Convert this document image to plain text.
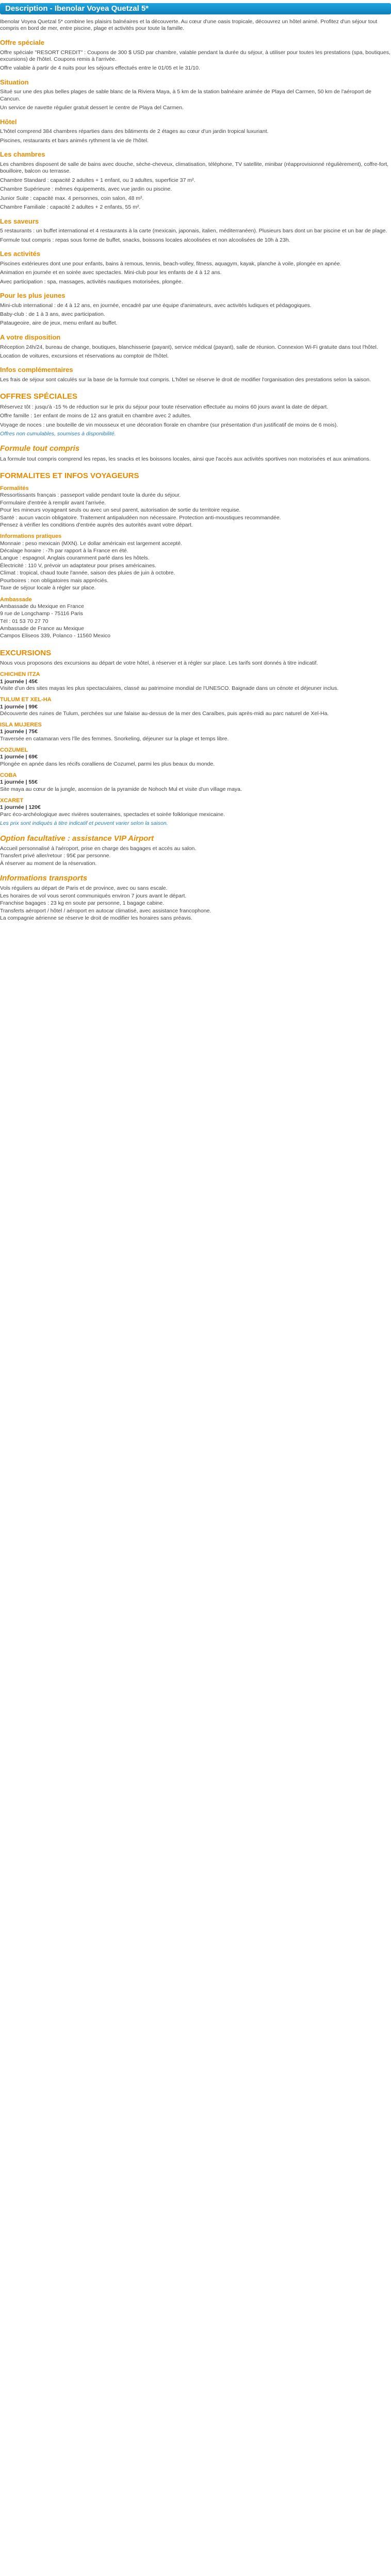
Description - Ibenolar Voyea Quetzal 5*

Ibenolar Voyea Quetzal 5* combine les plaisirs balnéaires et la découverte. Au cœur d'une oasis tropicale, découvrez un hôtel animé. Profitez d'un séjour tout compris en bord de mer, entre piscine, plage et activités pour toute la famille.

Offre spéciale

Offre spéciale "RESORT CREDIT" : Coupons de 300 $ USD par chambre, valable pendant la durée du séjour, à utiliser pour toutes les prestations (spa, boutiques, excursions) de l'hôtel. Coupons remis à l'arrivée.

Offre valable à partir de 4 nuits pour les séjours effectués entre le 01/05 et le 31/10.

Situation

Situé sur une des plus belles plages de sable blanc de la Riviera Maya, à 5 km de la station balnéaire animée de Playa del Carmen, 50 km de l'aéroport de Cancun.

Un service de navette régulier gratuit dessert le centre de Playa del Carmen.

Hôtel

L'hôtel comprend 384 chambres réparties dans des bâtiments de 2 étages au cœur d'un jardin tropical luxuriant.

Piscines, restaurants et bars animés rythment la vie de l'hôtel.

Les chambres

Les chambres disposent de salle de bains avec douche, sèche-cheveux, climatisation, téléphone, TV satellite, minibar (réapprovisionné régulièrement), coffre-fort, bouilloire, balcon ou terrasse.

Chambre Standard : capacité 2 adultes + 1 enfant, ou 3 adultes, superficie 37 m².

Chambre Supérieure : mêmes équipements, avec vue jardin ou piscine.

Junior Suite : capacité max. 4 personnes, coin salon, 48 m².

Chambre Familiale : capacité 2 adultes + 2 enfants, 55 m².

Les saveurs

5 restaurants : un buffet international et 4 restaurants à la carte (mexicain, japonais, italien, méditerranéen). Plusieurs bars dont un bar piscine et un bar de plage.

Formule tout compris : repas sous forme de buffet, snacks, boissons locales alcoolisées et non alcoolisées de 10h à 23h.

Les activités

Piscines extérieures dont une pour enfants, bains à remous, tennis, beach-volley, fitness, aquagym, kayak, planche à voile, plongée en apnée.

Animation en journée et en soirée avec spectacles. Mini-club pour les enfants de 4 à 12 ans.

Avec participation : spa, massages, activités nautiques motorisées, plongée.

Pour les plus jeunes

Mini-club international : de 4 à 12 ans, en journée, encadré par une équipe d'animateurs, avec activités ludiques et pédagogiques.

Baby-club : de 1 à 3 ans, avec participation.

Pataugeoire, aire de jeux, menu enfant au buffet.

A votre disposition

Réception 24h/24, bureau de change, boutiques, blanchisserie (payant), service médical (payant), salle de réunion. Connexion Wi-Fi gratuite dans tout l'hôtel.

Location de voitures, excursions et réservations au comptoir de l'hôtel.

Infos complémentaires

Les frais de séjour sont calculés sur la base de la formule tout compris. L'hôtel se réserve le droit de modifier l'organisation des prestations selon la saison.

OFFRES SPÉCIALES

Réservez tôt : jusqu'à -15 % de réduction sur le prix du séjour pour toute réservation effectuée au moins 60 jours avant la date de départ.

Offre famille : 1er enfant de moins de 12 ans gratuit en chambre avec 2 adultes.

Voyage de noces : une bouteille de vin mousseux et une décoration florale en chambre (sur présentation d'un justificatif de moins de 6 mois).

Offres non cumulables, soumises à disponibilité.

Formule tout compris

La formule tout compris comprend les repas, les snacks et les boissons locales, ainsi que l'accès aux activités sportives non motorisées et aux animations.

FORMALITES ET INFOS VOYAGEURS
Formalités

Ressortissants français : passeport valide pendant toute la durée du séjour.

Formulaire d'entrée à remplir avant l'arrivée.

Pour les mineurs voyageant seuls ou avec un seul parent, autorisation de sortie du territoire requise.

Santé : aucun vaccin obligatoire. Traitement antipaludéen non nécessaire. Protection anti-moustiques recommandée.

Pensez à vérifier les conditions d'entrée auprès des autorités avant votre départ.

Informations pratiques

Monnaie : peso mexicain (MXN). Le dollar américain est largement accepté.

Décalage horaire : -7h par rapport à la France en été.

Langue : espagnol. Anglais couramment parlé dans les hôtels.

Électricité : 110 V, prévoir un adaptateur pour prises américaines.

Climat : tropical, chaud toute l'année, saison des pluies de juin à octobre.

Pourboires : non obligatoires mais appréciés.

Taxe de séjour locale à régler sur place.

Ambassade

Ambassade du Mexique en France

9 rue de Longchamp - 75116 Paris

Tél : 01 53 70 27 70

Ambassade de France au Mexique

Campos Eliseos 339, Polanco - 11560 Mexico

EXCURSIONS

Nous vous proposons des excursions au départ de votre hôtel, à réserver et à régler sur place. Les tarifs sont donnés à titre indicatif.

CHICHEN ITZA
1 journée | 45€

Visite d'un des sites mayas les plus spectaculaires, classé au patrimoine mondial de l'UNESCO. Baignade dans un cénote et déjeuner inclus.

TULUM ET XEL-HA
1 journée | 99€

Découverte des ruines de Tulum, perchées sur une falaise au-dessus de la mer des Caraïbes, puis après-midi au parc naturel de Xel-Ha.

ISLA MUJERES
1 journée | 75€

Traversée en catamaran vers l'île des femmes. Snorkeling, déjeuner sur la plage et temps libre.

COZUMEL
1 journée | 69€

Plongée en apnée dans les récifs coralliens de Cozumel, parmi les plus beaux du monde.

COBA
1 journée | 55€

Site maya au cœur de la jungle, ascension de la pyramide de Nohoch Mul et visite d'un village maya.

XCARET
1 journée | 120€

Parc éco-archéologique avec rivières souterraines, spectacles et soirée folklorique mexicaine.

Les prix sont indiqués à titre indicatif et peuvent varier selon la saison.

Option facultative : assistance VIP Airport

Accueil personnalisé à l'aéroport, prise en charge des bagages et accès au salon.

Transfert privé aller/retour : 95€ par personne.

À réserver au moment de la réservation.

Informations transports

Vols réguliers au départ de Paris et de province, avec ou sans escale.

Les horaires de vol vous seront communiqués environ 7 jours avant le départ.

Franchise bagages : 23 kg en soute par personne, 1 bagage cabine.

Transferts aéroport / hôtel / aéroport en autocar climatisé, avec assistance francophone.

La compagnie aérienne se réserve le droit de modifier les horaires sans préavis.
